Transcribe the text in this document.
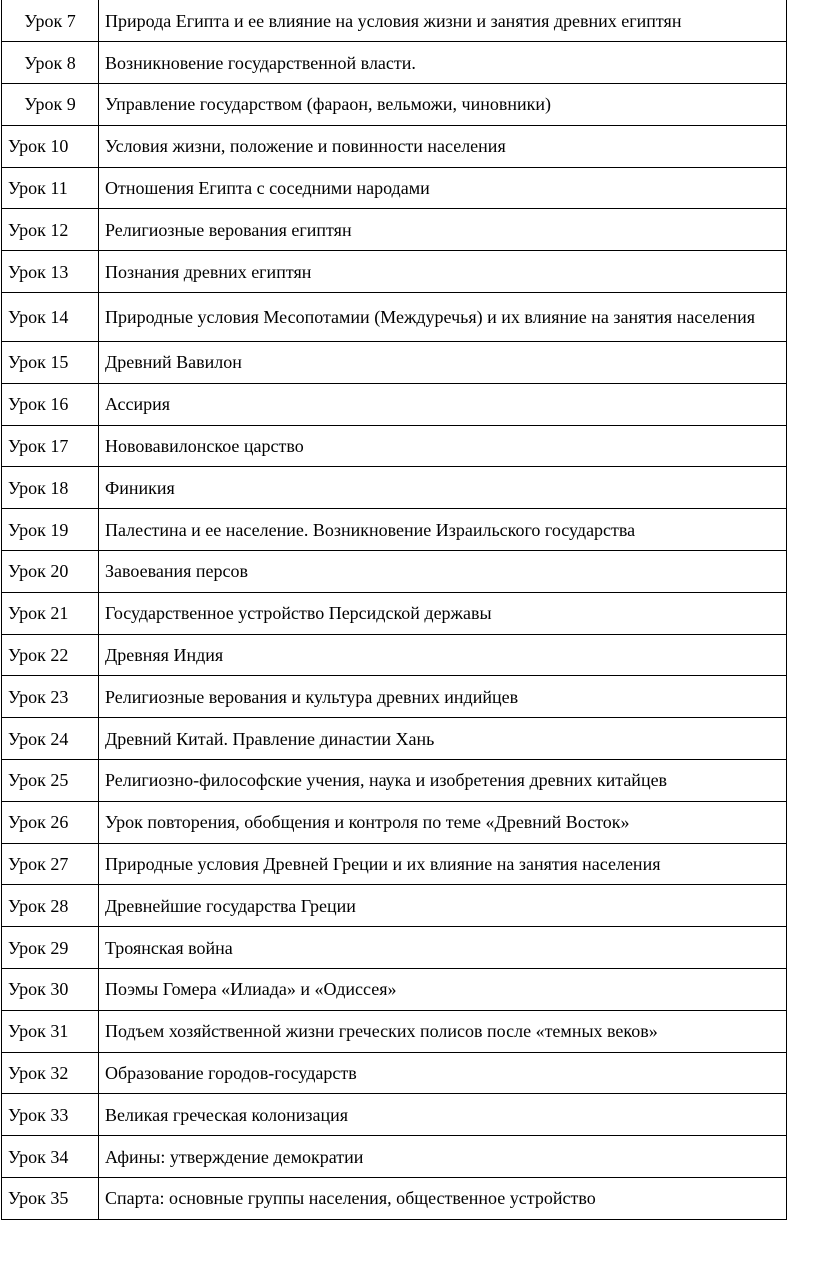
Урок 7	Природа Египта и ее влияние на условия жизни и занятия древних египтян
Урок 8	Возникновение государственной власти.
Урок 9	Управление государством (фараон, вельможи, чиновники)
Урок 10	Условия жизни, положение и повинности населения
Урок 11	Отношения Египта с соседними народами
Урок 12	Религиозные верования египтян
Урок 13	Познания древних египтян
Урок 14	Природные условия Месопотамии (Междуречья) и их влияние на занятия населения
Урок 15	Древний Вавилон
Урок 16	Ассирия
Урок 17	Нововавилонское царство
Урок 18	Финикия
Урок 19	Палестина и ее население. Возникновение Израильского государства
Урок 20	Завоевания персов
Урок 21	Государственное устройство Персидской державы
Урок 22	Древняя Индия
Урок 23	Религиозные верования и культура древних индийцев
Урок 24	Древний Китай. Правление династии Хань
Урок 25	Религиозно-философские учения, наука и изобретения древних китайцев
Урок 26	Урок повторения, обобщения и контроля по теме «Древний Восток»
Урок 27	Природные условия Древней Греции и их влияние на занятия населения
Урок 28	Древнейшие государства Греции
Урок 29	Троянская война
Урок 30	Поэмы Гомера «Илиада» и «Одиссея»
Урок 31	Подъем хозяйственной жизни греческих полисов после «темных веков»
Урок 32	Образование городов-государств
Урок 33	Великая греческая колонизация
Урок 34	Афины: утверждение демократии
Урок 35	Спарта: основные группы населения, общественное устройство
